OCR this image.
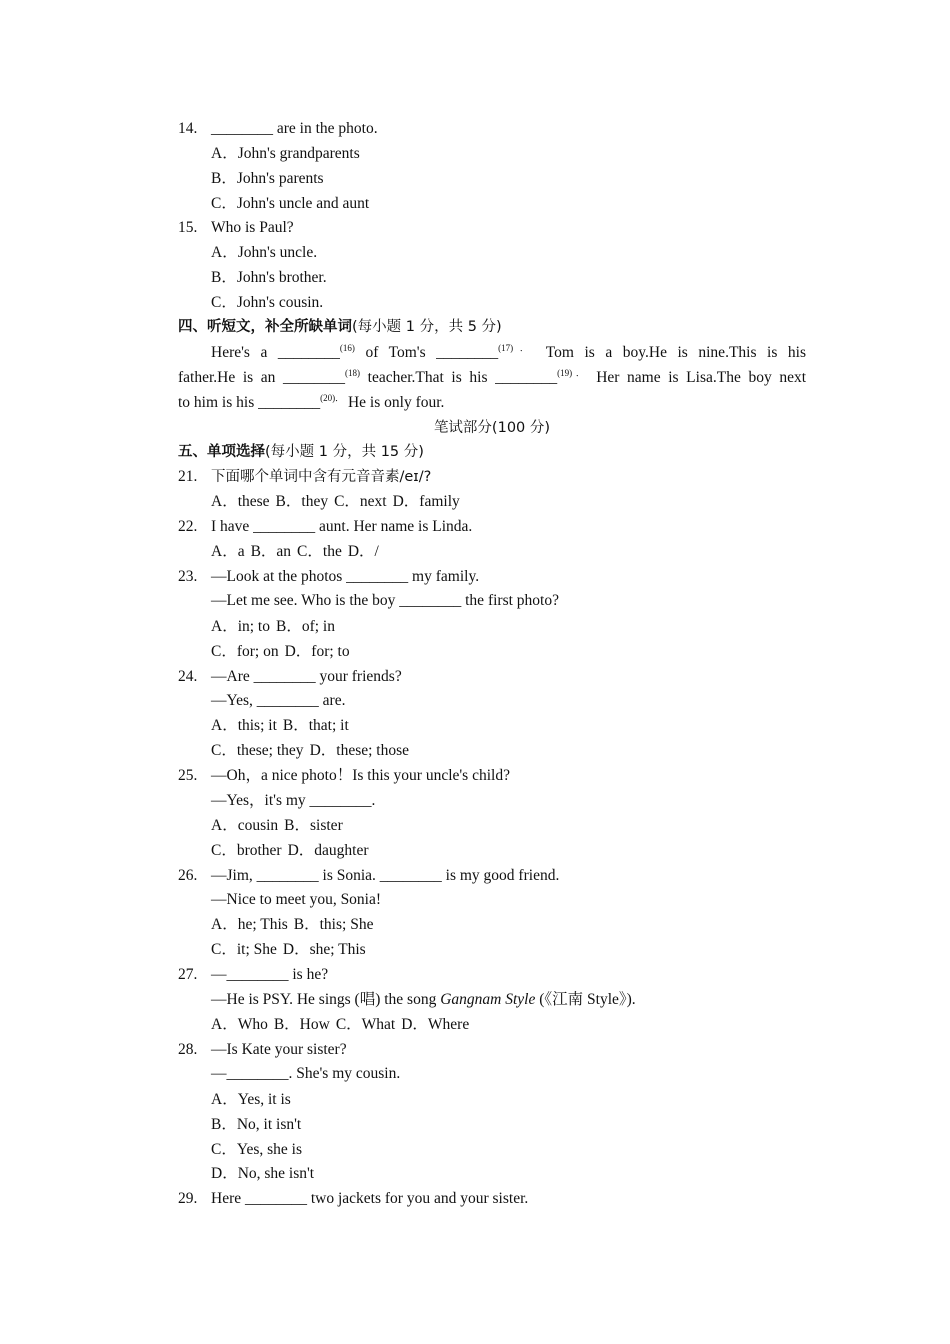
14. ________ are in the photo.
A．John's grandparents
B．John's parents
C．John's uncle and aunt
15. Who is Paul?
A．John's uncle.
B．John's brother.
C．John's cousin.
四、听短文，补全所缺单词(每小题 1 分，共 5 分)
Here's a ________$^{(16)}$ of Tom's ________$^{(17).}$ Tom is a boy.He is nine.This is his
father.He is an ________$^{(18)}$ teacher.That is his ________$^{(19).}$ Her name is Lisa.The boy next
to him is his ________$^{(20).}$ He is only four.
笔试部分(100 分)
五、单项选择(每小题 1 分，共 15 分)
21. 下面哪个单词中含有元音音素/eɪ/?
A．these B．they C．next D．family
22. I have ________ aunt. Her name is Linda.
A．a B．an C．the D．/
23. —Look at the photos ________ my family.
—Let me see. Who is the boy ________ the first photo?
A．in; to B．of; in
C．for; on D．for; to
24. —Are ________ your friends?
—Yes, ________ are.
A．this; it B．that; it
C．these; they D．these; those
25. —Oh，a nice photo！Is this your uncle's child?
—Yes，it's my ________.
A．cousin B．sister
C．brother D．daughter
26. —Jim, ________ is Sonia. ________ is my good friend.
—Nice to meet you, Sonia!
A．he; This B．this; She
C．it; She D．she; This
27. —________ is he?
—He is PSY. He sings (唱) the song Gangnam Style (《江南 Style》).
A．Who B．How C．What D．Where
28. —Is Kate your sister?
—________. She's my cousin.
A．Yes, it is
B．No, it isn't
C．Yes, she is
D．No, she isn't
29. Here ________ two jackets for you and your sister.
